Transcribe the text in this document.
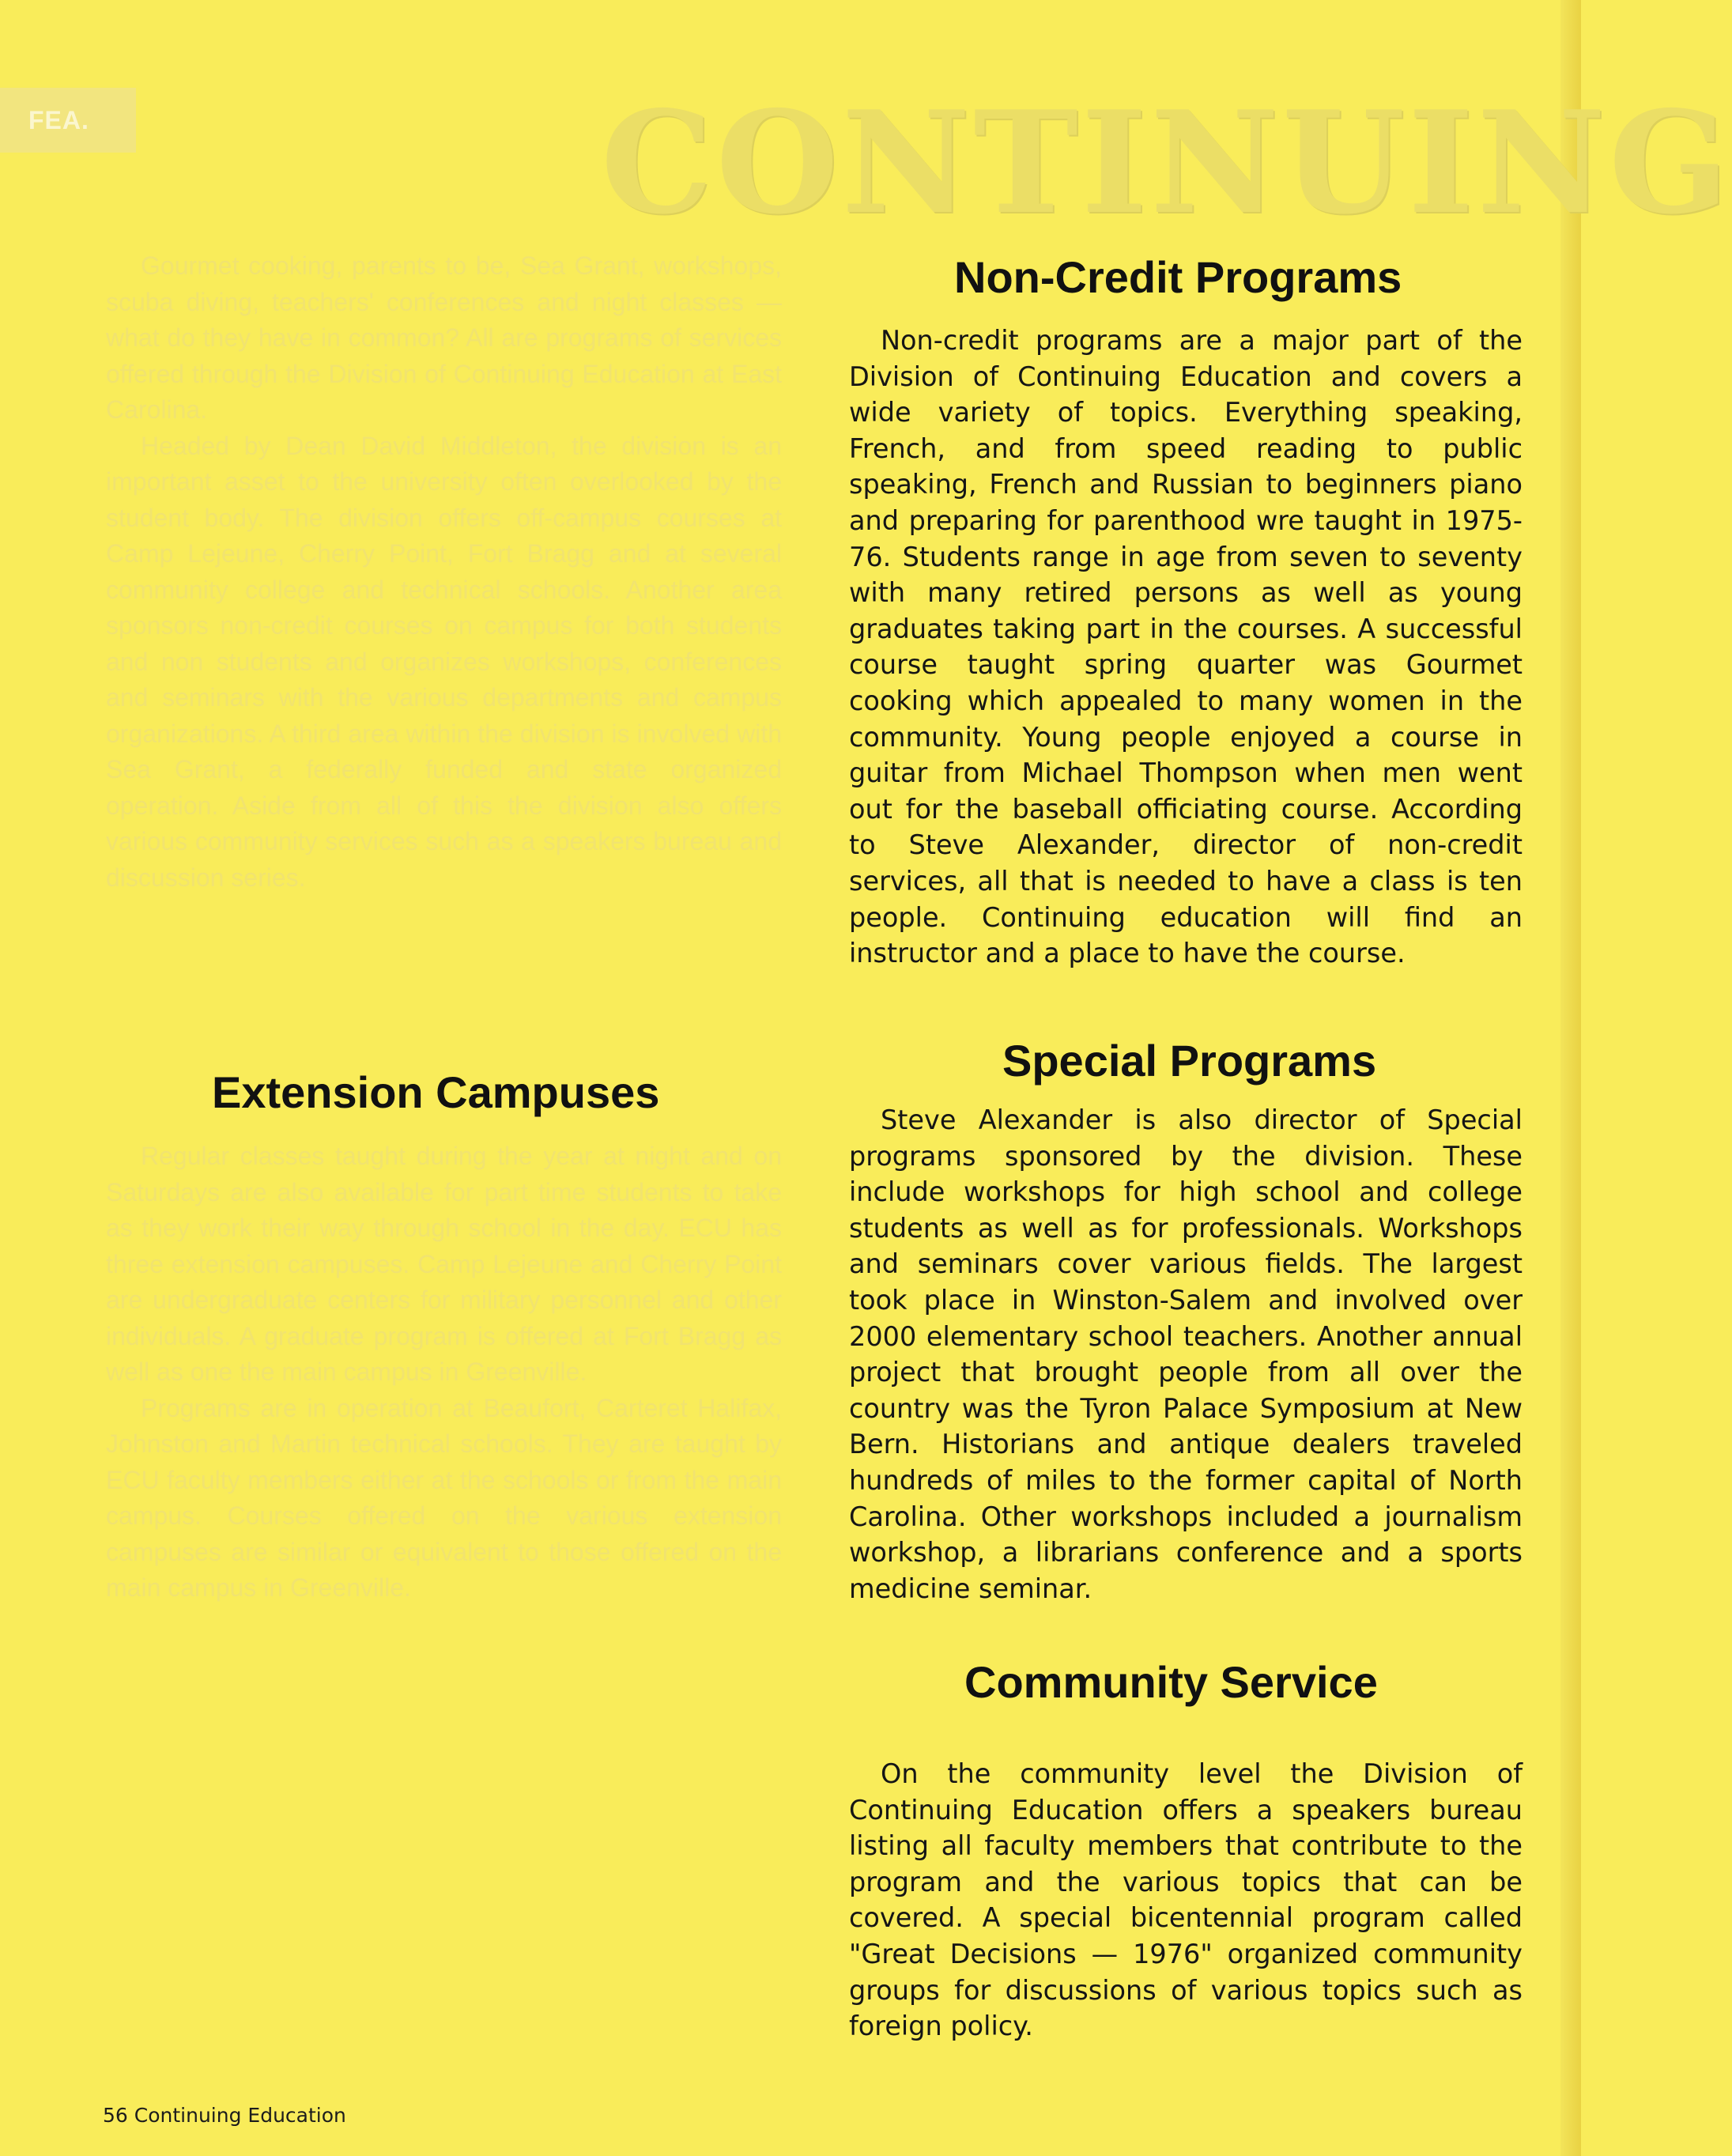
FEA.	CONTINUING

Gourmet cooking, parents to be, Sea Grant, workshops, scuba diving, teachers' conferences and night classes — what do they have in common? All are programs of services offered through the Division of Continuing Education at East Carolina.

Headed by Dean David Middleton, the division is an important asset to the university often overlooked by the student body. The division offers off-campus courses at Camp Lejeune, Cherry Point, Fort Bragg and at several community college and technical schools. Another area sponsors non-credit courses on campus for both students and non students and organizes workshops, conferences and seminars with the various departments and campus organizations. A third area within the division is involved with Sea Grant, a federally funded and state organized operation. Aside from all of this the division also offers various community services such as a speakers bureau and discussion series.

Extension Campuses

Regular classes taught during the year at night and on Saturdays are also available for part time students to take as they work their way through school in the day. ECU has three extension campuses. Camp Lejeune and Cherry Point are undergraduate centers for military personnel and other individuals. A graduate program is offered at Fort Bragg as well as one the main campus in Greenville.

Programs are in operation at Beaufort, Carteret Halifax, Johnston and Martin technical schools. They are taught by ECU faculty members either at the schools or from the main campus. Courses offered on the various extension campuses are similar or equivalent to those offered on the main campus in Greenville.

Non-Credit Programs

Non-credit programs are a major part of the Division of Continuing Education and covers a wide variety of topics. Everything speaking, French, and from speed reading to public speaking, French and Russian to beginners piano and preparing for parenthood wre taught in 1975-76. Students range in age from seven to seventy with many retired persons as well as young graduates taking part in the courses. A successful course taught spring quarter was Gourmet cooking which appealed to many women in the community. Young people enjoyed a course in guitar from Michael Thompson when men went out for the baseball officiating course. According to Steve Alexander, director of non-credit services, all that is needed to have a class is ten people. Continuing education will find an instructor and a place to have the course.

Special Programs

Steve Alexander is also director of Special programs sponsored by the division. These include workshops for high school and college students as well as for professionals. Workshops and seminars cover various fields. The largest took place in Winston-Salem and involved over 2000 elementary school teachers. Another annual project that brought people from all over the country was the Tyron Palace Symposium at New Bern. Historians and antique dealers traveled hundreds of miles to the former capital of North Carolina. Other workshops included a journalism workshop, a librarians conference and a sports medicine seminar.

Community Service

On the community level the Division of Continuing Education offers a speakers bureau listing all faculty members that contribute to the program and the various topics that can be covered. A special bicentennial program called "Great Decisions — 1976" organized community groups for discussions of various topics such as foreign policy.

56 Continuing Education
